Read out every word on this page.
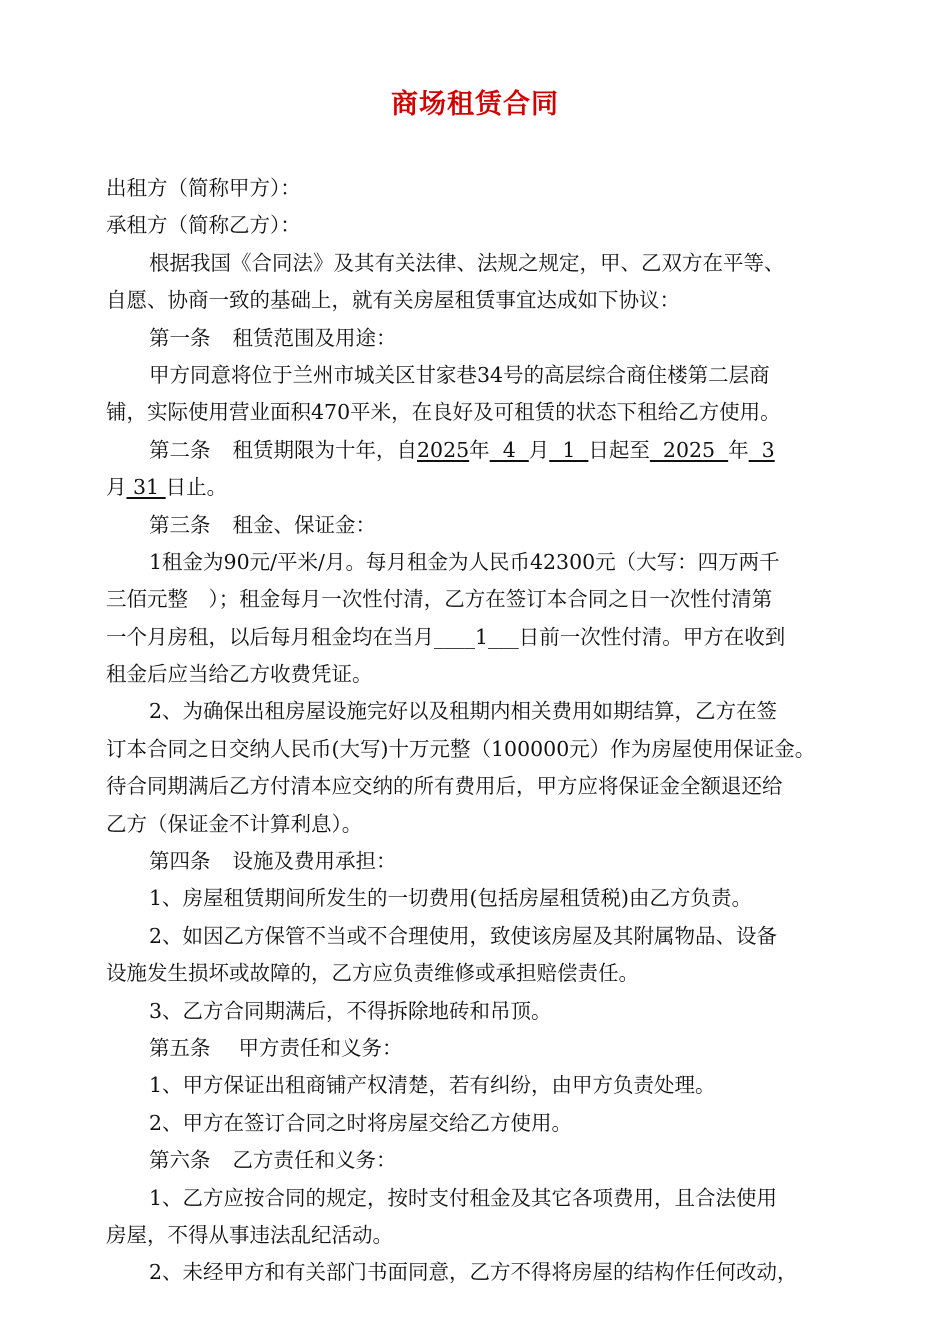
商场租赁合同
出租方（简称甲方）：
承租方（简称乙方）：
根据我国《合同法》及其有关法律、法规之规定，甲、乙双方在平等、
自愿、协商一致的基础上，就有关房屋租赁事宜达成如下协议：
第一条 租赁范围及用途：
甲方同意将位于兰州市城关区甘家巷34号的高层综合商住楼第二层商
铺，实际使用营业面积470平米，在良好及可租赁的状态下租给乙方使用。
第二条 租赁期限为十年，自2025年  4  月  1  日起至  2025  年  3
月 31 日止。
第三条 租金、保证金：
1租金为90元/平米/月。每月租金为人民币42300元（大写：四万两千
三佰元整　）；租金每月一次性付清，乙方在签订本合同之日一次性付清第
一个月房租，以后每月租金均在当月____1___日前一次性付清。甲方在收到
租金后应当给乙方收费凭证。
2、为确保出租房屋设施完好以及租期内相关费用如期结算，乙方在签
订本合同之日交纳人民币(大写)十万元整（100000元）作为房屋使用保证金。
待合同期满后乙方付清本应交纳的所有费用后，甲方应将保证金全额退还给
乙方（保证金不计算利息）。
第四条 设施及费用承担：
1、房屋租赁期间所发生的一切费用(包括房屋租赁税)由乙方负责。
2、如因乙方保管不当或不合理使用，致使该房屋及其附属物品、设备
设施发生损坏或故障的，乙方应负责维修或承担赔偿责任。
3、乙方合同期满后，不得拆除地砖和吊顶。
第五条 甲方责任和义务：
1、甲方保证出租商铺产权清楚，若有纠纷，由甲方负责处理。
2、甲方在签订合同之时将房屋交给乙方使用。
第六条 乙方责任和义务：
1、乙方应按合同的规定，按时支付租金及其它各项费用，且合法使用
房屋，不得从事违法乱纪活动。
2、未经甲方和有关部门书面同意，乙方不得将房屋的结构作任何改动，
